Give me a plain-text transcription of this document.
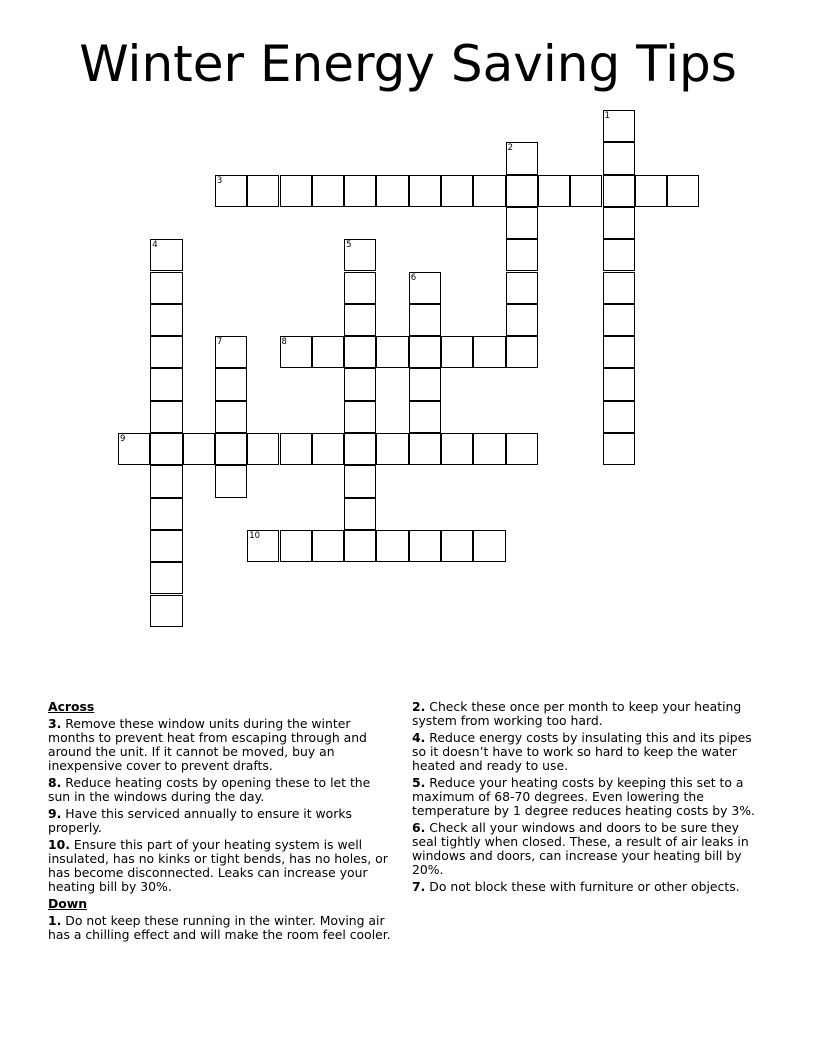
Winter Energy Saving Tips
1
2
3
4	5
6
7	8
9
10
Across
3. Remove these window units during the winter months to prevent heat from escaping through and around the unit. If it cannot be moved, buy an inexpensive cover to prevent drafts.
8. Reduce heating costs by opening these to let the sun in the windows during the day.
9. Have this serviced annually to ensure it works properly.
10. Ensure this part of your heating system is well insulated, has no kinks or tight bends, has no holes, or has become disconnected. Leaks can increase your heating bill by 30%.
Down
1. Do not keep these running in the winter. Moving air has a chilling effect and will make the room feel cooler.
2. Check these once per month to keep your heating system from working too hard.
4. Reduce energy costs by insulating this and its pipes so it doesn’t have to work so hard to keep the water heated and ready to use.
5. Reduce your heating costs by keeping this set to a maximum of 68-70 degrees. Even lowering the temperature by 1 degree reduces heating costs by 3%.
6. Check all your windows and doors to be sure they seal tightly when closed. These, a result of air leaks in windows and doors, can increase your heating bill by 20%.
7. Do not block these with furniture or other objects.
